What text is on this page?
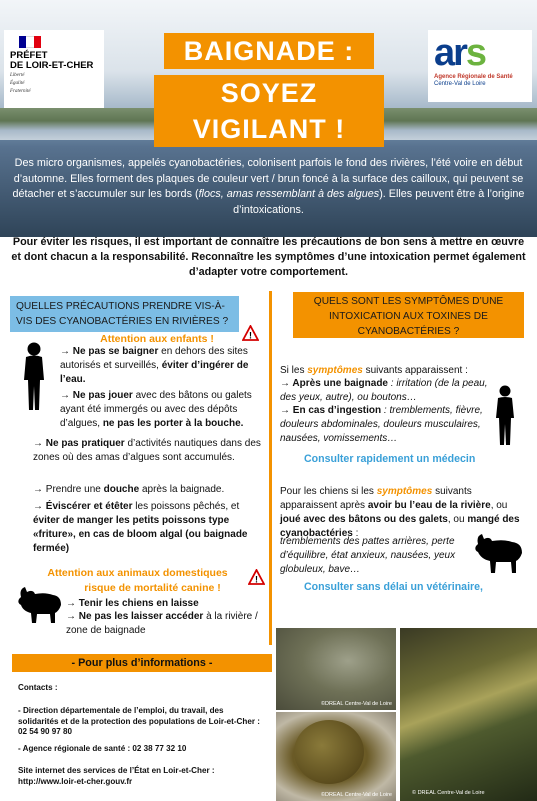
PRÉFET
DE LOIR-ET-CHER
Liberté
Égalité
Fraternité
BAIGNADE :
SOYEZ VIGILANT !
ars
Agence Régionale de Santé
Centre-Val de Loire
Des micro organismes, appelés cyanobactéries, colonisent parfois le fond des rivières, l’été voire en début d’automne. Elles forment des plaques de couleur vert / brun foncé à la surface des cailloux, qui peuvent se détacher et s’accumuler sur les bords (flocs, amas ressemblant à des algues). Elles peuvent être à l’origine d’intoxications.
Pour éviter les risques, il est important de connaître les précautions de bon sens à mettre en œuvre et dont chacun a la responsabilité. Reconnaître les symptômes d’une intoxication permet également d’adapter votre comportement.
QUELLES PRÉCAUTIONS PRENDRE VIS-À-VIS DES CYANOBACTÉRIES EN RIVIÈRES ?
Attention aux enfants !	!
→ Ne pas se baigner en dehors des sites autorisés et surveillés, éviter d’ingérer de l’eau.
→ Ne pas jouer avec des bâtons ou galets ayant été immergés ou avec des dépôts d’algues, ne pas les porter à la bouche.
→ Ne pas pratiquer d’activités nautiques dans des zones où des amas d’algues sont accumulés.
→ Prendre une douche après la baignade.
→ Éviscérer et étêter les poissons pêchés, et éviter de manger les petits poissons type «friture», en cas de bloom algal (ou baignade fermée)
Attention aux animaux domestiques
risque de mortalité canine !
!
→ Tenir les chiens en laisse
→ Ne pas les laisser accéder à la rivière / zone de baignade
QUELS SONT LES SYMPTÔMES D’UNE INTOXICATION AUX TOXINES DE CYANOBACTÉRIES ?
Si les symptômes suivants apparaissent :
→ Après une baignade : irritation (de la peau, des yeux, autre), ou boutons…
→ En cas d’ingestion : tremblements, fièvre, douleurs abdominales, douleurs musculaires, nausées, vomissements…
Consulter rapidement un médecin
Pour les chiens si les symptômes suivants apparaissent après avoir bu l’eau de la rivière, ou joué avec des bâtons ou des galets, ou mangé des cyanobactéries :
tremblements des pattes arrières, perte d’équilibre, état anxieux, nausées, yeux globuleux, bave…
Consulter sans délai un vétérinaire,
- Pour plus d’informations -
Contacts :
- Direction départementale de l’emploi, du travail, des solidarités et de la protection des populations de Loir-et-Cher : 02 54 90 97 80
- Agence régionale de santé : 02 38 77 32 10
Site internet des services de l’État en Loir-et-Cher :
http://www.loir-et-cher.gouv.fr
©DREAL Centre-Val de Loire
©DREAL Centre-Val de Loire	© DREAL Centre-Val de Loire
